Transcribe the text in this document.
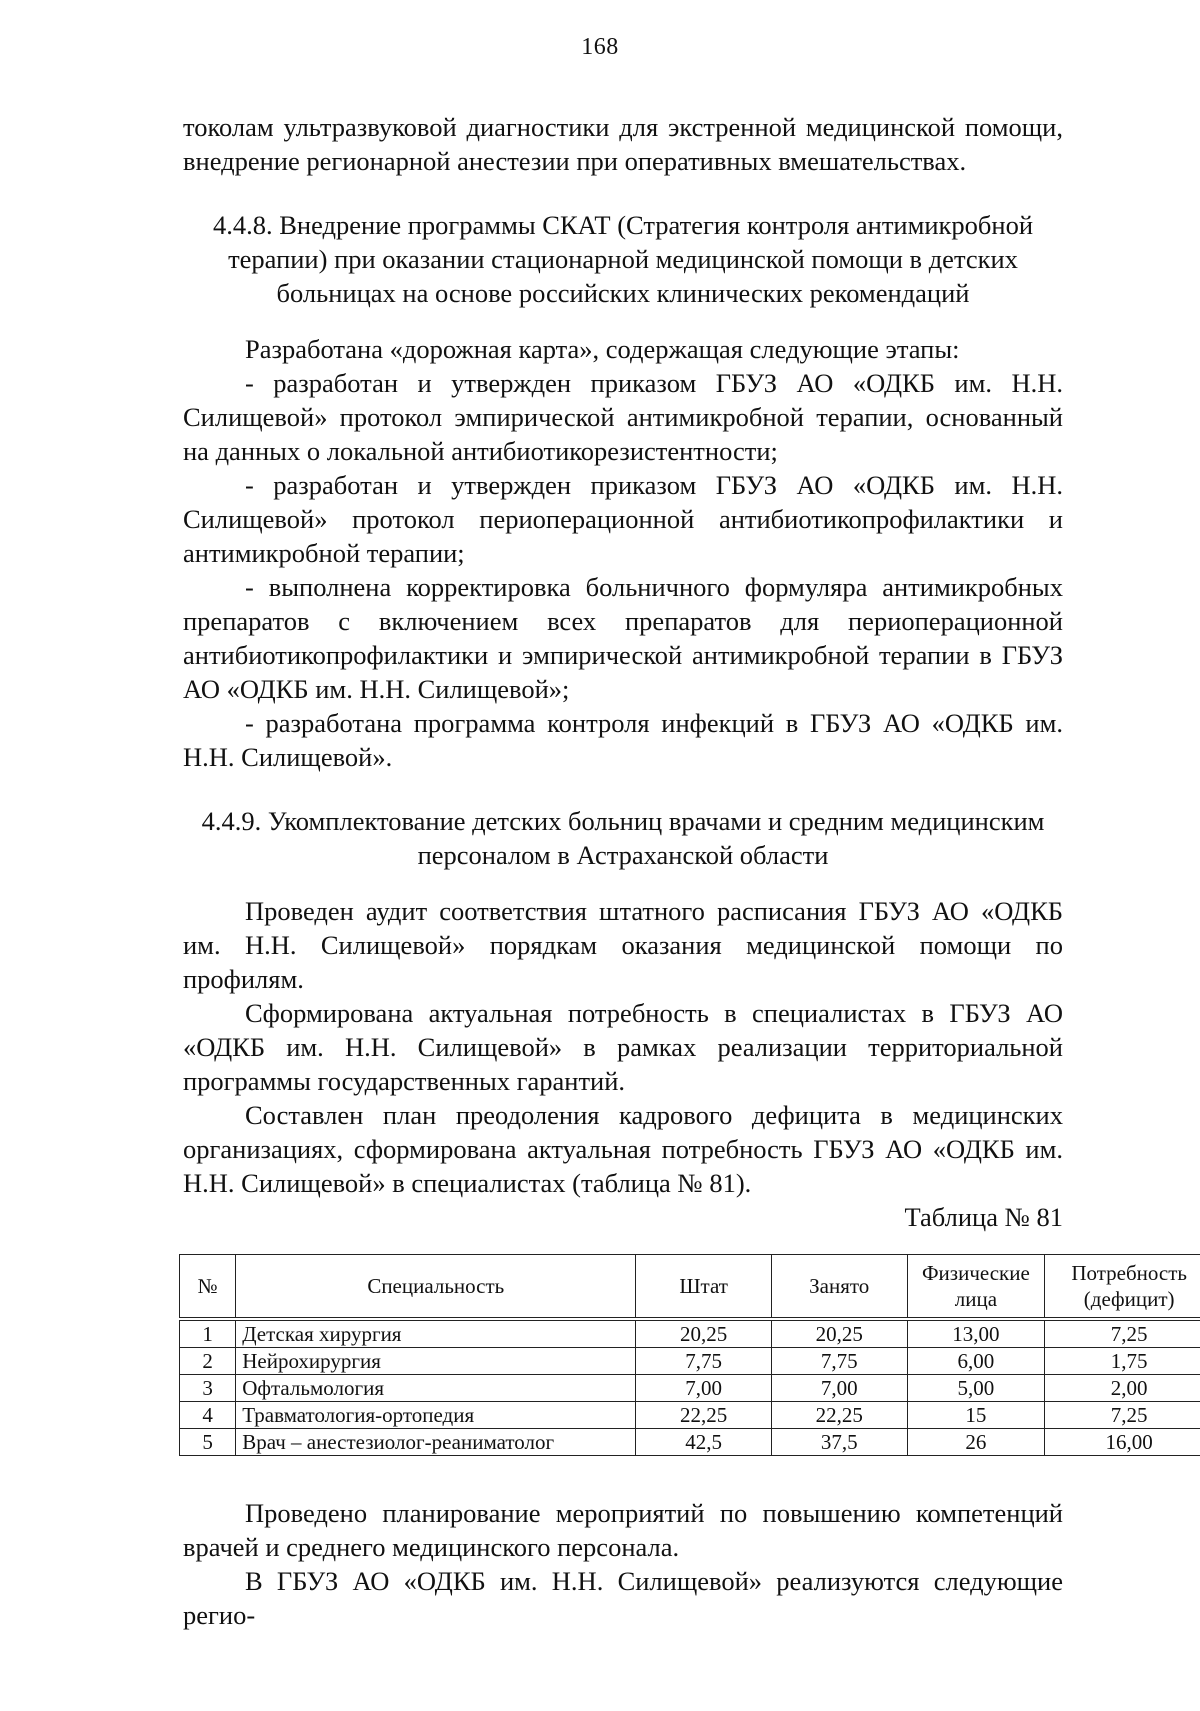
168

токолам ультразвуковой диагностики для экстренной медицинской помощи, внедрение регионарной анестезии при оперативных вмешательствах.

4.4.8. Внедрение программы СКАТ (Стратегия контроля антимикробной терапии) при оказании стационарной медицинской помощи в детских больницах на основе российских клинических рекомендаций

Разработана «дорожная карта», содержащая следующие этапы:

- разработан и утвержден приказом ГБУЗ АО «ОДКБ им. Н.Н. Силищевой» протокол эмпирической антимикробной терапии, основанный на данных о локальной антибиотикорезистентности;

- разработан и утвержден приказом ГБУЗ АО «ОДКБ им. Н.Н. Силищевой» протокол периоперационной антибиотикопрофилактики и антимикробной терапии;

- выполнена корректировка больничного формуляра антимикробных препаратов с включением всех препаратов для периоперационной антибиотикопрофилактики и эмпирической антимикробной терапии в ГБУЗ АО «ОДКБ им. Н.Н. Силищевой»;

- разработана программа контроля инфекций в ГБУЗ АО «ОДКБ им. Н.Н. Силищевой».

4.4.9. Укомплектование детских больниц врачами и средним медицинским персоналом в Астраханской области

Проведен аудит соответствия штатного расписания ГБУЗ АО «ОДКБ им. Н.Н. Силищевой» порядкам оказания медицинской помощи по профилям.

Сформирована актуальная потребность в специалистах в ГБУЗ АО «ОДКБ им. Н.Н. Силищевой» в рамках реализации территориальной программы государственных гарантий.

Составлен план преодоления кадрового дефицита в медицинских организациях, сформирована актуальная потребность ГБУЗ АО «ОДКБ им. Н.Н. Силищевой» в специалистах (таблица № 81).

Таблица № 81
№	Специальность	Штат	Занято	Физические лица	Потребность (дефицит)
1	Детская хирургия	20,25	20,25	13,00	7,25
2	Нейрохирургия	7,75	7,75	6,00	1,75
3	Офтальмология	7,00	7,00	5,00	2,00
4	Травматология-ортопедия	22,25	22,25	15	7,25
5	Врач – анестезиолог-реаниматолог	42,5	37,5	26	16,00

Проведено планирование мероприятий по повышению компетенций врачей и среднего медицинского персонала.

В ГБУЗ АО «ОДКБ им. Н.Н. Силищевой» реализуются следующие регио-
